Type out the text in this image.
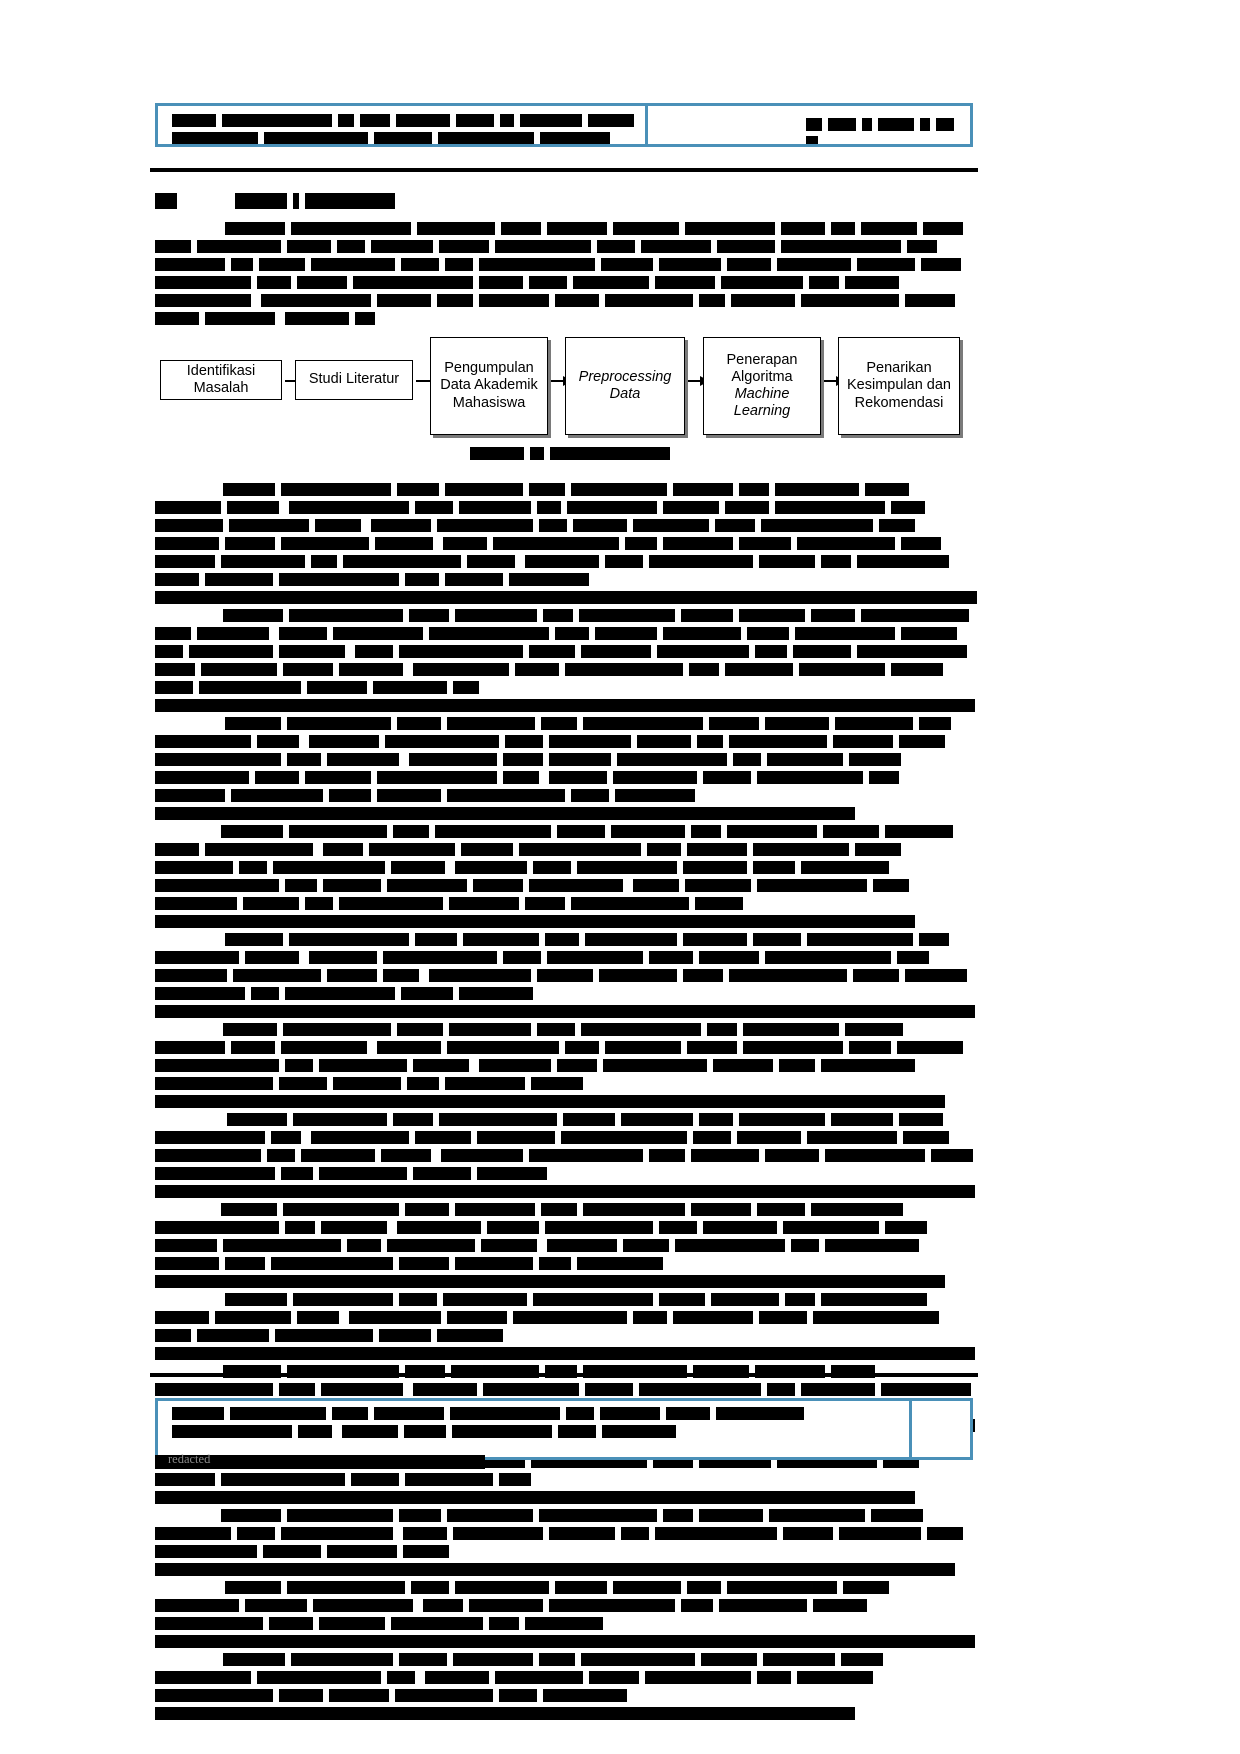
Identifikasi Masalah
Studi Literatur
Pengumpulan Data Akademik Mahasiswa
Preprocessing Data
Penerapan Algoritma
Machine Learning
Penarikan Kesimpulan dan Rekomendasi

redacted
